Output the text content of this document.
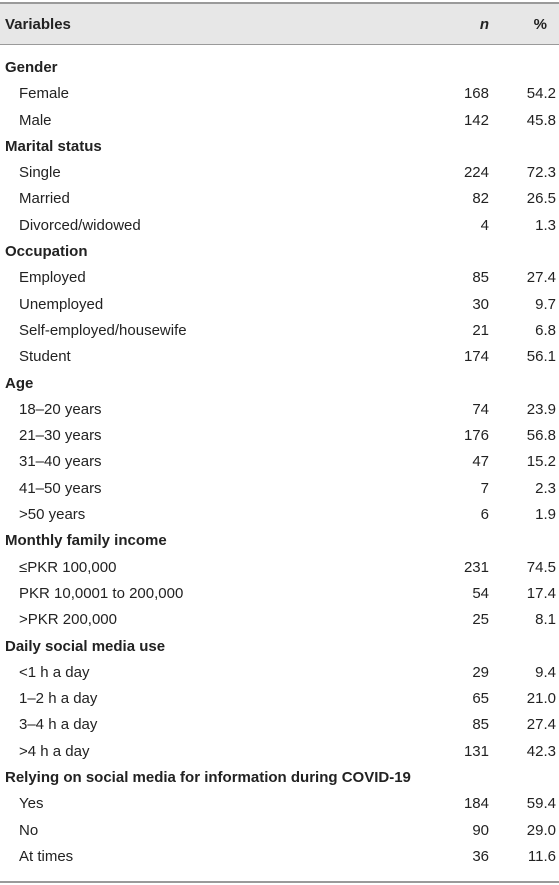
Variables	n	%
Gender
Female	168	54.2
Male	142	45.8
Marital status
Single	224	72.3
Married	82	26.5
Divorced/widowed	4	1.3
Occupation
Employed	85	27.4
Unemployed	30	9.7
Self-employed/housewife	21	6.8
Student	174	56.1
Age
18–20 years	74	23.9
21–30 years	176	56.8
31–40 years	47	15.2
41–50 years	7	2.3
>50 years	6	1.9
Monthly family income
≤PKR 100,000	231	74.5
PKR 10,0001 to 200,000	54	17.4
>PKR 200,000	25	8.1
Daily social media use
<1 h a day	29	9.4
1–2 h a day	65	21.0
3–4 h a day	85	27.4
>4 h a day	131	42.3
Relying on social media for information during COVID-19
Yes	184	59.4
No	90	29.0
At times	36	11.6
